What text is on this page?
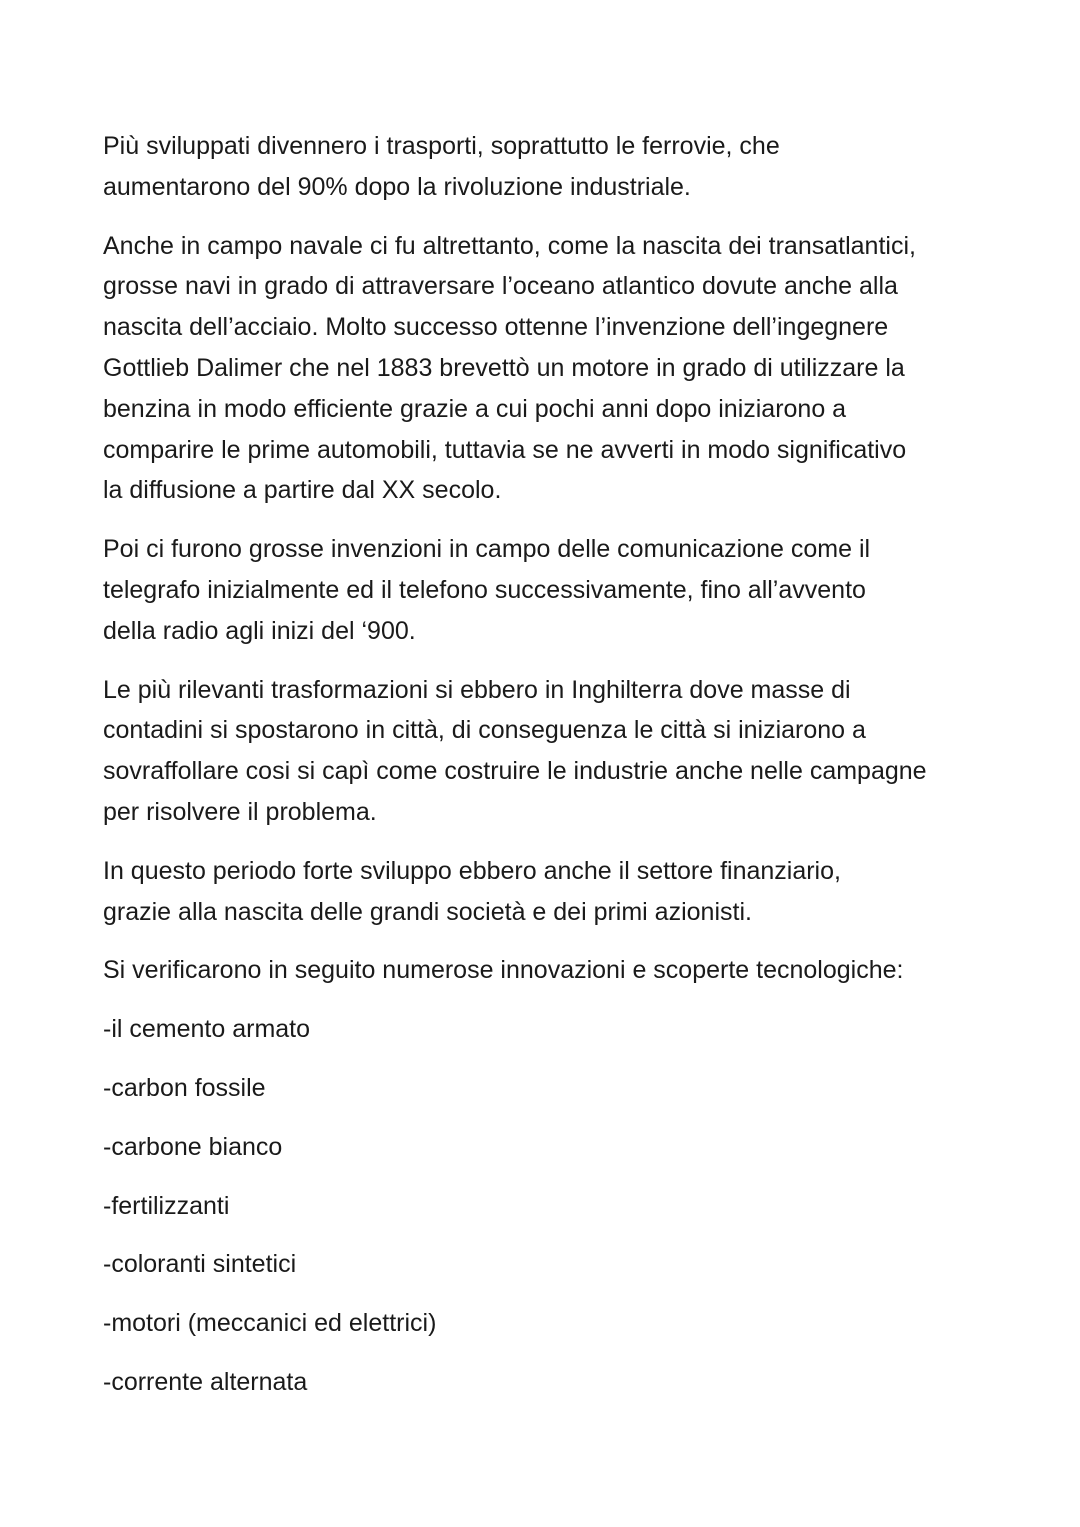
Più sviluppati divennero i trasporti, soprattutto le ferrovie, che
aumentarono del 90% dopo la rivoluzione industriale.

Anche in campo navale ci fu altrettanto, come la nascita dei transatlantici,
grosse navi in grado di attraversare l’oceano atlantico dovute anche alla
nascita dell’acciaio. Molto successo ottenne l’invenzione dell’ingegnere
Gottlieb Dalimer che nel 1883 brevettò un motore in grado di utilizzare la
benzina in modo efficiente grazie a cui pochi anni dopo iniziarono a
comparire le prime automobili, tuttavia se ne avverti in modo significativo
la diffusione a partire dal XX secolo.

Poi ci furono grosse invenzioni in campo delle comunicazione come il
telegrafo inizialmente ed il telefono successivamente, fino all’avvento
della radio agli inizi del ‘900.

Le più rilevanti trasformazioni si ebbero in Inghilterra dove masse di
contadini si spostarono in città, di conseguenza le città si iniziarono a
sovraffollare cosi si capì come costruire le industrie anche nelle campagne
per risolvere il problema.

In questo periodo forte sviluppo ebbero anche il settore finanziario,
grazie alla nascita delle grandi società e dei primi azionisti.

Si verificarono in seguito numerose innovazioni e scoperte tecnologiche:

-il cemento armato

-carbon fossile

-carbone bianco

-fertilizzanti

-coloranti sintetici

-motori (meccanici ed elettrici)

-corrente alternata
